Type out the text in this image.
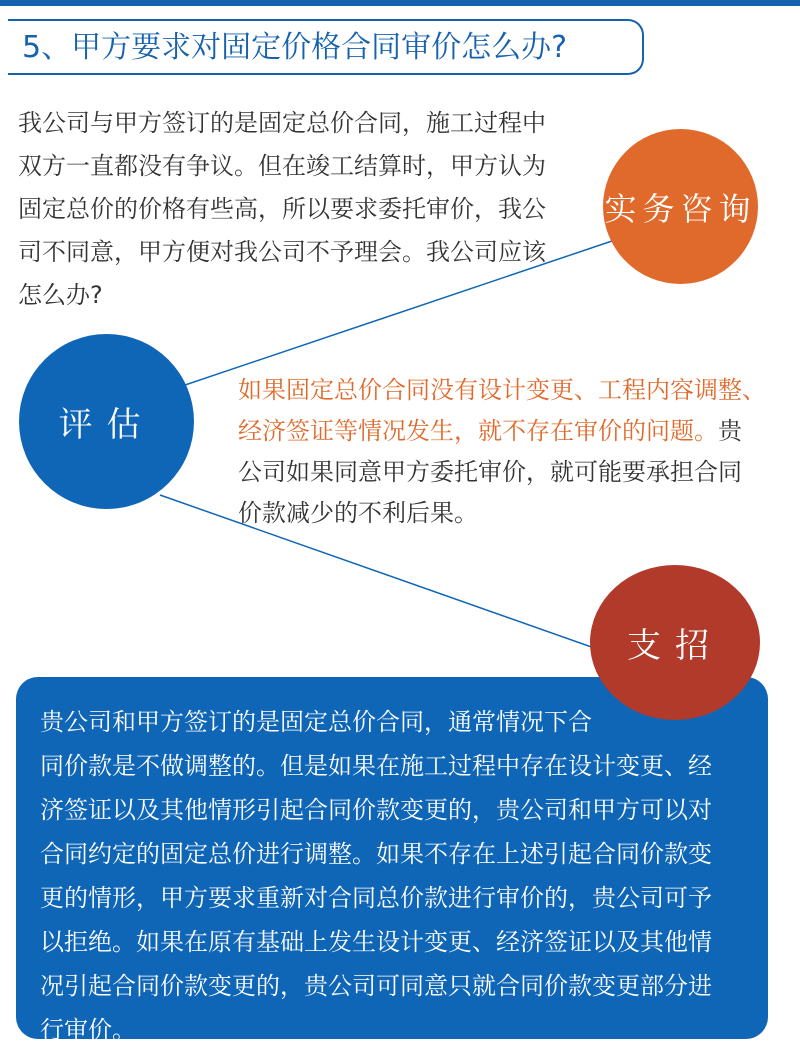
5、甲方要求对固定价格合同审价怎么办?
我公司与甲方签订的是固定总价合同，施工过程中
双方一直都没有争议。但在竣工结算时，甲方认为
固定总价的价格有些高，所以要求委托审价，我公
司不同意，甲方便对我公司不予理会。我公司应该
怎么办?
实务咨询
评估
如果固定总价合同没有设计变更、工程内容调整、
经济签证等情况发生，就不存在审价的问题。贵
公司如果同意甲方委托审价，就可能要承担合同
价款减少的不利后果。
支招
贵公司和甲方签订的是固定总价合同，通常情况下合
同价款是不做调整的。但是如果在施工过程中存在设计变更、经
济签证以及其他情形引起合同价款变更的，贵公司和甲方可以对
合同约定的固定总价进行调整。如果不存在上述引起合同价款变
更的情形，甲方要求重新对合同总价款进行审价的，贵公司可予
以拒绝。如果在原有基础上发生设计变更、经济签证以及其他情
况引起合同价款变更的，贵公司可同意只就合同价款变更部分进
行审价。
